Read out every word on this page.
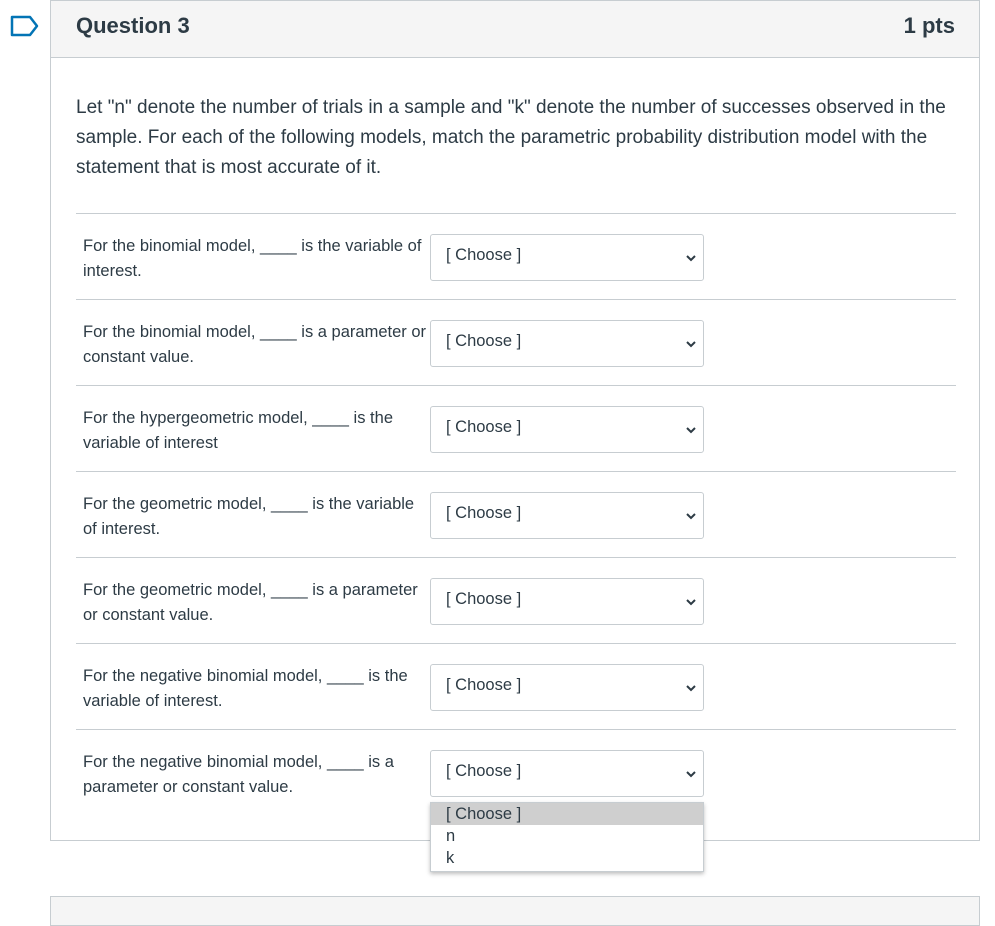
Question 3	1 pts
Let "n" denote the number of trials in a sample and "k" denote the number of successes observed in the sample. For each of the following models, match the parametric probability distribution model with the statement that is most accurate of it.
For the binomial model, ____ is the variable of interest.
[ Choose ]
For the binomial model, ____ is a parameter or constant value.
[ Choose ]
For the hypergeometric model, ____ is the variable of interest
[ Choose ]
For the geometric model, ____ is the variable of interest.
[ Choose ]
For the geometric model, ____ is a parameter or constant value.
[ Choose ]
For the negative binomial model, ____ is the variable of interest.
[ Choose ]
For the negative binomial model, ____ is a parameter or constant value.
[ Choose ]
[ Choose ]
n
k
